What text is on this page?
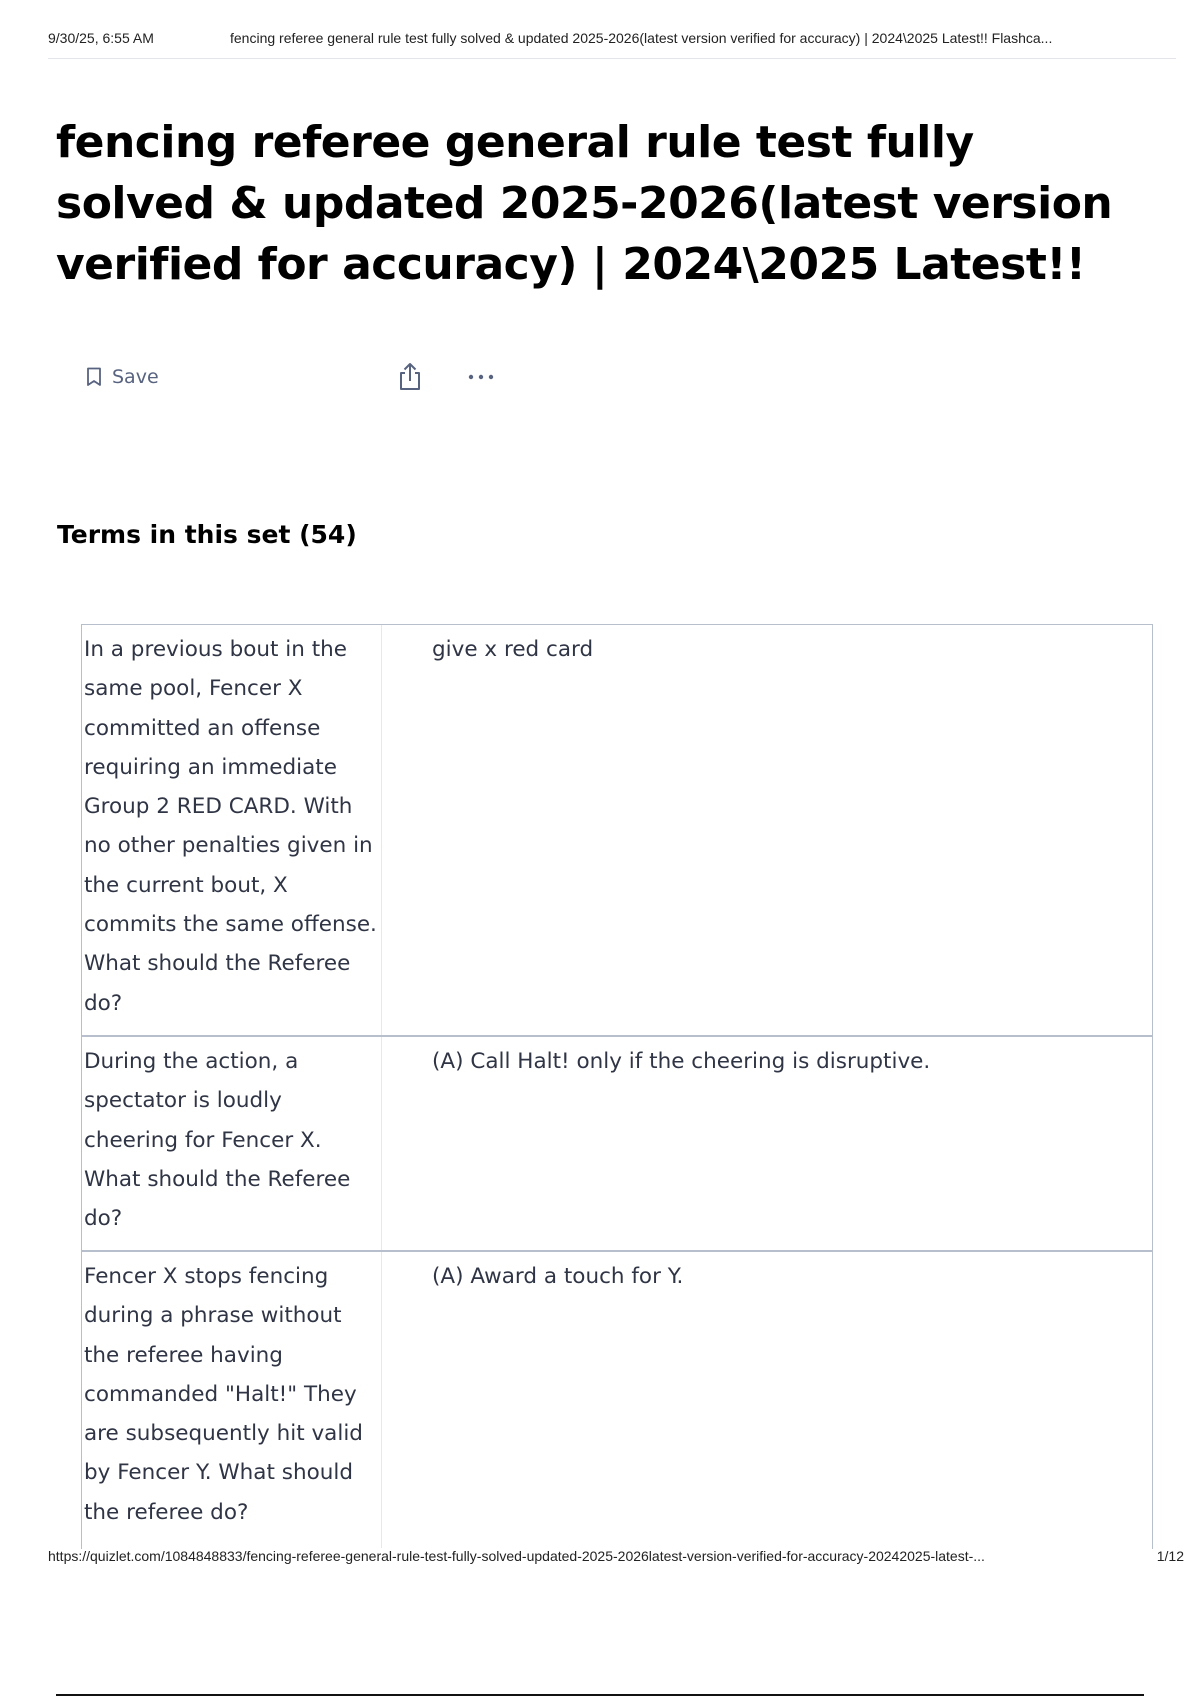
9/30/25, 6:55 AM	fencing referee general rule test fully solved & updated 2025-2026(latest version verified for accuracy) | 2024\2025 Latest!! Flashca...
fencing referee general rule test fully solved & updated 2025-2026(latest version verified for accuracy) | 2024\2025 Latest!!
Save
Terms in this set (54)
In a previous bout in the same pool, Fencer X committed an offense requiring an immediate Group 2 RED CARD. With no other penalties given in the current bout, X commits the same offense. What should the Referee do?
give x red card
During the action, a spectator is loudly cheering for Fencer X. What should the Referee do?
(A) Call Halt! only if the cheering is disruptive.
Fencer X stops fencing during a phrase without the referee having commanded "Halt!" They are subsequently hit valid by Fencer Y. What should the referee do?
(A) Award a touch for Y.
https://quizlet.com/1084848833/fencing-referee-general-rule-test-fully-solved-updated-2025-2026latest-version-verified-for-accuracy-20242025-latest-...	1/12
